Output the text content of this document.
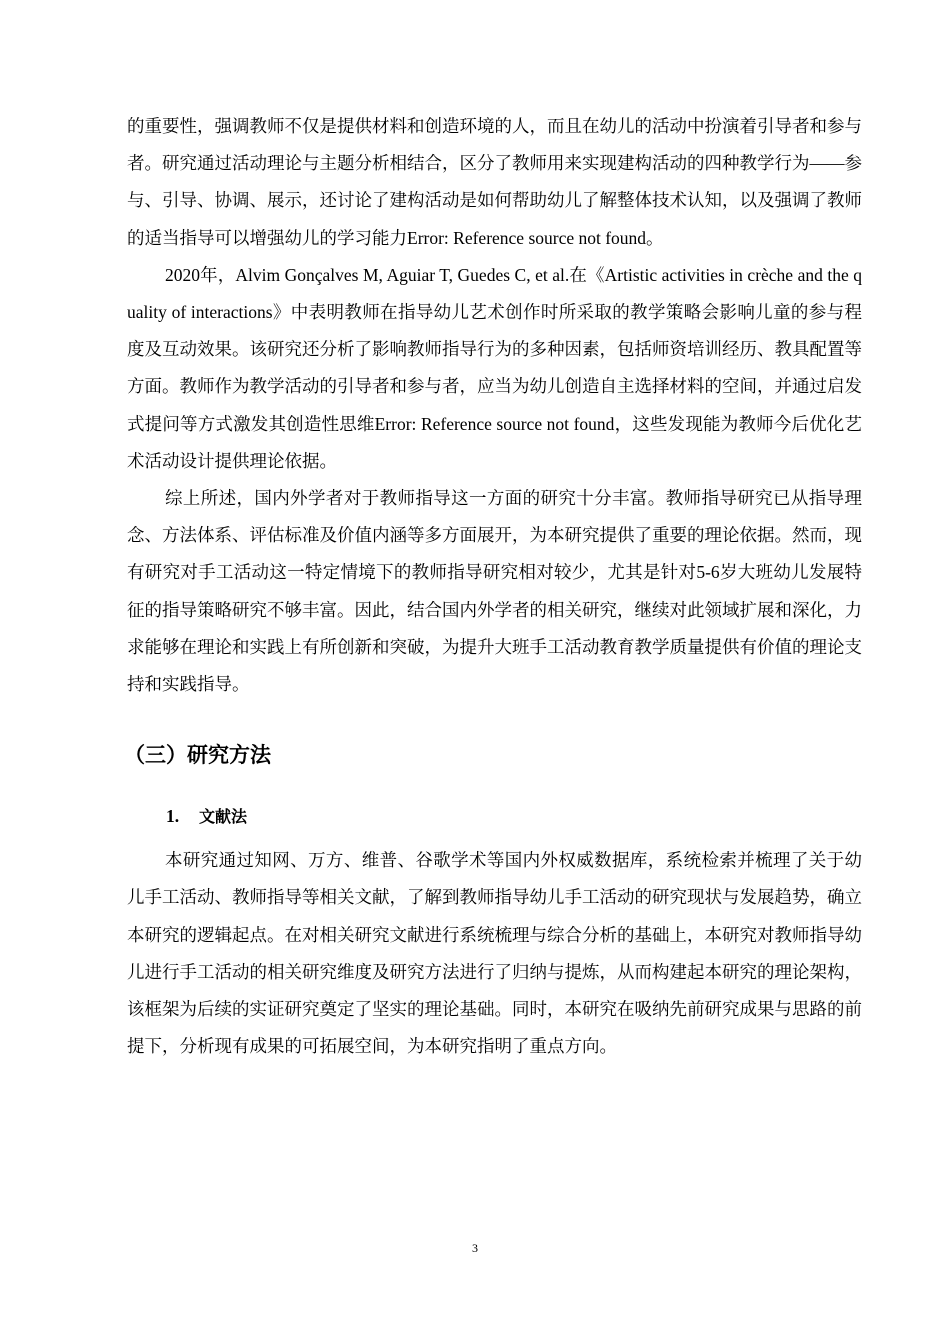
的重要性，强调教师不仅是提供材料和创造环境的人，而且在幼儿的活动中扮演着引导者和参与者。研究通过活动理论与主题分析相结合，区分了教师用来实现建构活动的四种教学行为——参与、引导、协调、展示，还讨论了建构活动是如何帮助幼儿了解整体技术认知，以及强调了教师的适当指导可以增强幼儿的学习能力Error: Reference source not found。

2020年，Alvim Gonçalves M, Aguiar T, Guedes C, et al.在《Artistic activities in crèche and the quality of interactions》中表明教师在指导幼儿艺术创作时所采取的教学策略会影响儿童的参与程度及互动效果。该研究还分析了影响教师指导行为的多种因素，包括师资培训经历、教具配置等方面。教师作为教学活动的引导者和参与者，应当为幼儿创造自主选择材料的空间，并通过启发式提问等方式激发其创造性思维Error: Reference source not found，这些发现能为教师今后优化艺术活动设计提供理论依据。

综上所述，国内外学者对于教师指导这一方面的研究十分丰富。教师指导研究已从指导理念、方法体系、评估标准及价值内涵等多方面展开，为本研究提供了重要的理论依据。然而，现有研究对手工活动这一特定情境下的教师指导研究相对较少，尤其是针对5-6岁大班幼儿发展特征的指导策略研究不够丰富。因此，结合国内外学者的相关研究，继续对此领域扩展和深化，力求能够在理论和实践上有所创新和突破，为提升大班手工活动教育教学质量提供有价值的理论支持和实践指导。

（三）研究方法
1. 文献法

本研究通过知网、万方、维普、谷歌学术等国内外权威数据库，系统检索并梳理了关于幼儿手工活动、教师指导等相关文献，了解到教师指导幼儿手工活动的研究现状与发展趋势，确立本研究的逻辑起点。在对相关研究文献进行系统梳理与综合分析的基础上，本研究对教师指导幼儿进行手工活动的相关研究维度及研究方法进行了归纳与提炼，从而构建起本研究的理论架构，该框架为后续的实证研究奠定了坚实的理论基础。同时，本研究在吸纳先前研究成果与思路的前提下，分析现有成果的可拓展空间，为本研究指明了重点方向。

3
